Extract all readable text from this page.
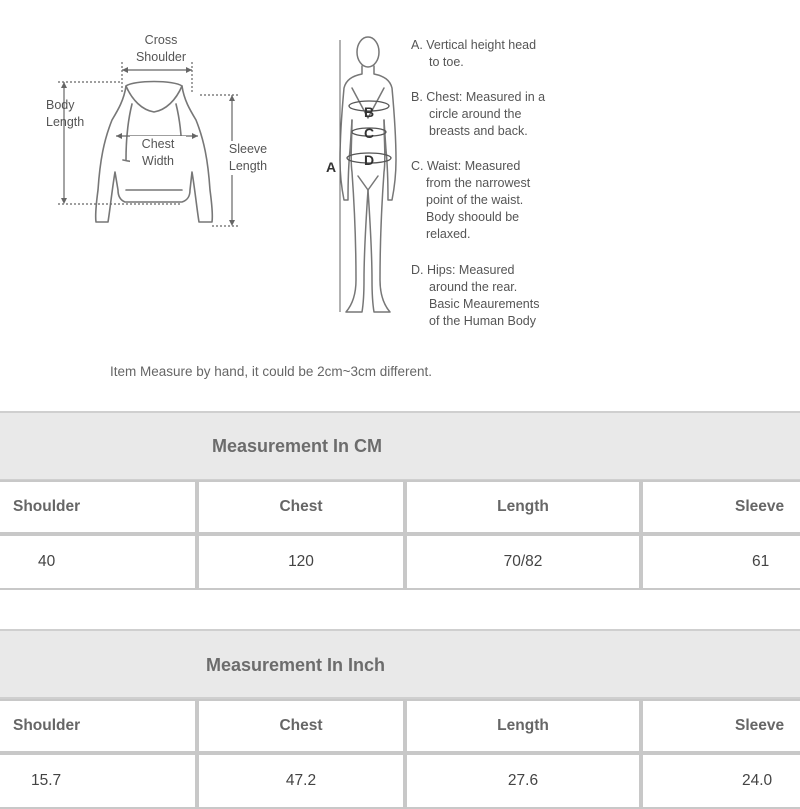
Cross
Shoulder
Body
Length
Chest
Width
Sleeve
Length	A
B
C
D
A. Vertical height head
to toe.
B. Chest: Measured in a
circle around the
breasts and back.
C. Waist: Measured
from the narrowest
point of the waist.
Body shoould be
relaxed.
D. Hips: Measured
around the rear.
Basic Meaurements
of the Human Body
Item Measure by hand, it could be 2cm~3cm different.
Measurement In CM
Shoulder	Chest	Length	Sleeve
40	120	70/82	61
Measurement In Inch
Shoulder	Chest	Length	Sleeve
15.7	47.2	27.6	24.0
